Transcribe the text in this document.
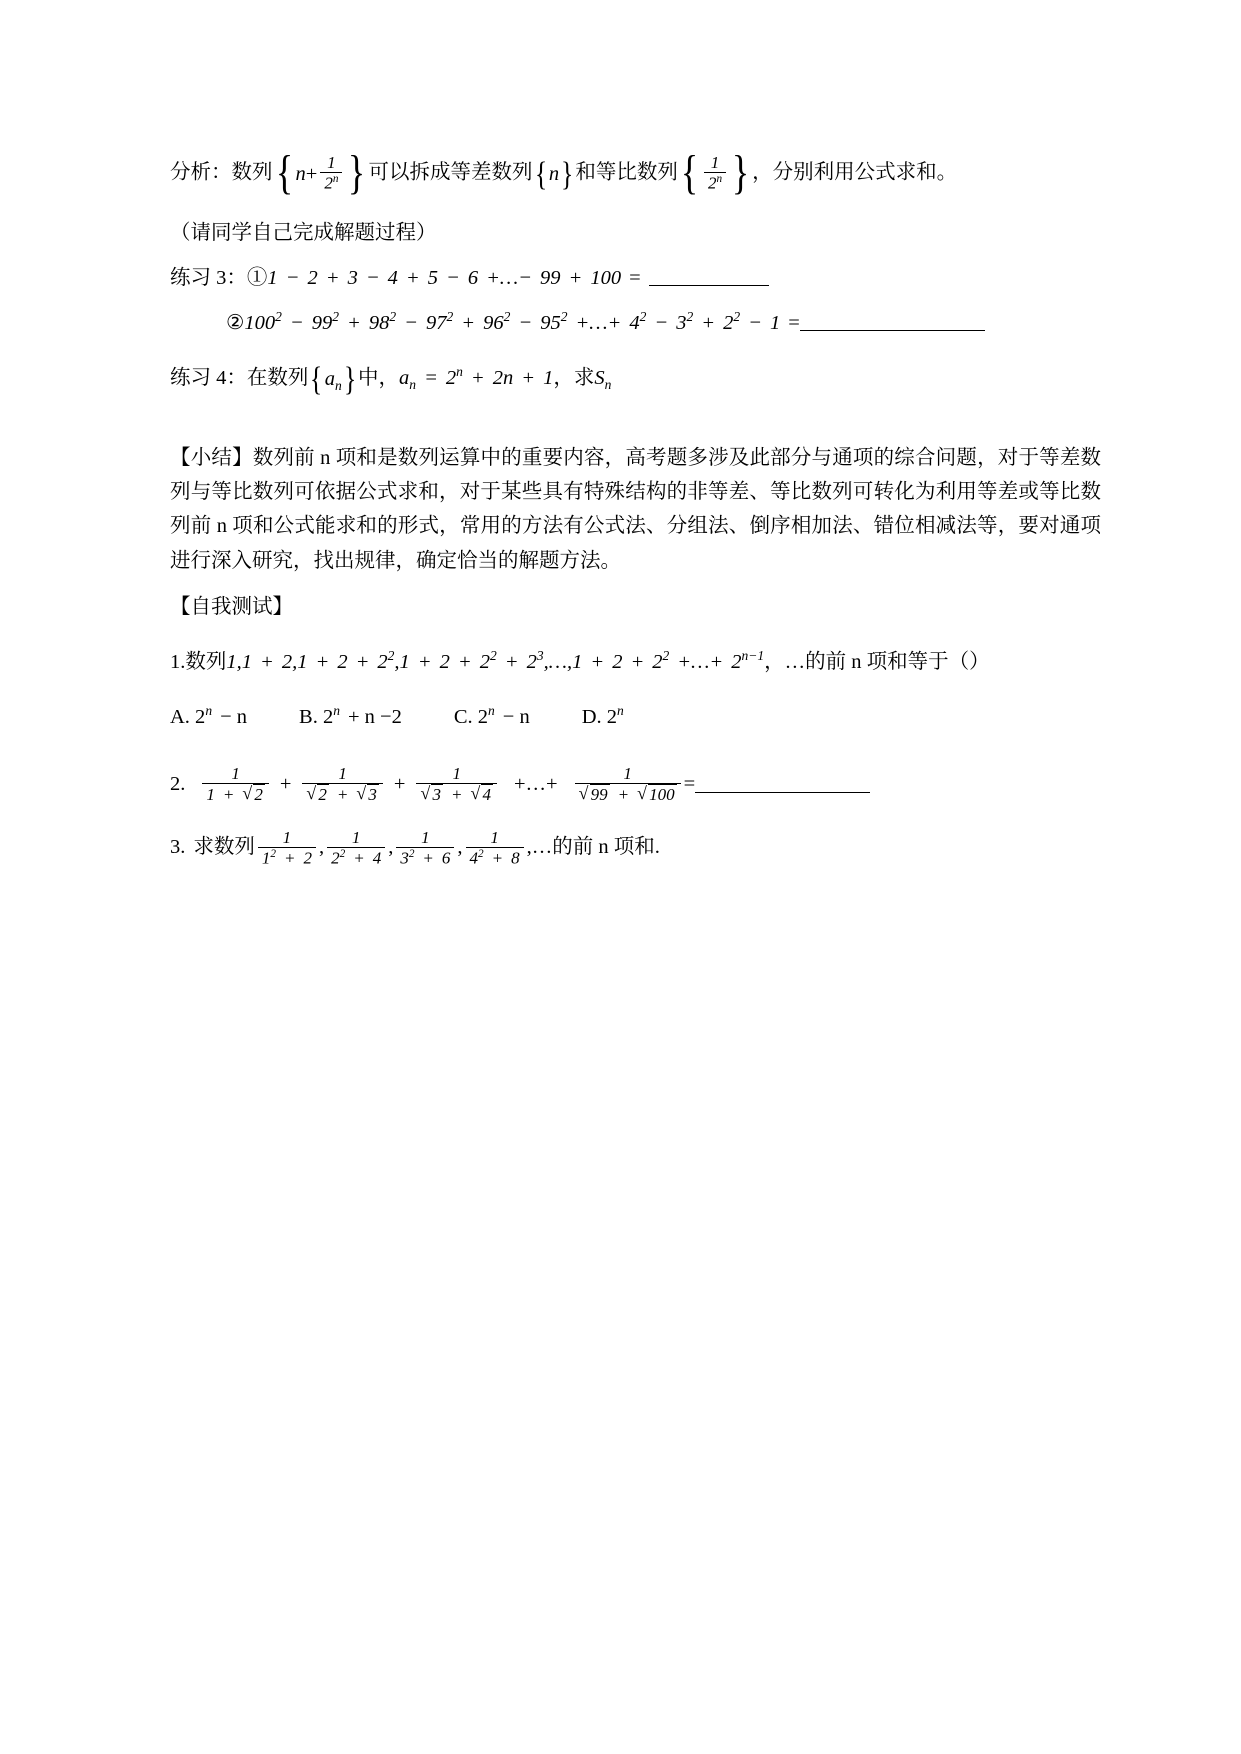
分析：数列{ $n+ \frac{1}{2^n}$ } 可以拆成等差数列{n}和等比数列{ $\frac{1}{2^n}$ } ，分别利用公式求和。
（请同学自己完成解题过程）
练习 3：①1 − 2 + 3 − 4 + 5 − 6 +…− 99 + 100 =
$②100^2 - 99^2 + 98^2 - 97^2 + 96^2 - 95^2$ +…+ $4^2 - 3^2 + 2^2 - 1$ =
练习 4：在数列$\{a_n\}$中，$a_n = 2^n + 2n + 1$，求$S_n$
【小结】数列前 n 项和是数列运算中的重要内容，高考题多涉及此部分与通项的综合问题，对于等差数列与等比数列可依据公式求和，对于某些具有特殊结构的非等差、等比数列可转化为利用等差或等比数列前 n 项和公式能求和的形式，常用的方法有公式法、分组法、倒序相加法、错位相减法等，要对通项进行深入研究，找出规律，确定恰当的解题方法。
【自我测试】
1.数列$1,1 + 2,1 + 2 + 2^2,1 + 2 + 2^2$ + $2^3,\dots,1 + 2 + 2^2$ +…+ $2^{n-1}$，…的前 n 项和等于（）
A. $2^n - n$	B. $2^n + n -2$	C. $2^n - n$	D. 2$^n$
2. $\frac{1}{1 + √ 2} + 1$
√ 2 + √ 3 + 1
√ 3 + √ 4 +…+ 1
√ 99 + √ 100 =
3. 求数列 $\frac{1}{1^2 + 2}$ , $\frac{1}{2^2 + 4}$ , $\frac{1}{3^2 + 6}$ , $\frac{1}{4^2 + 8}$ ,…的前 n 项和.
